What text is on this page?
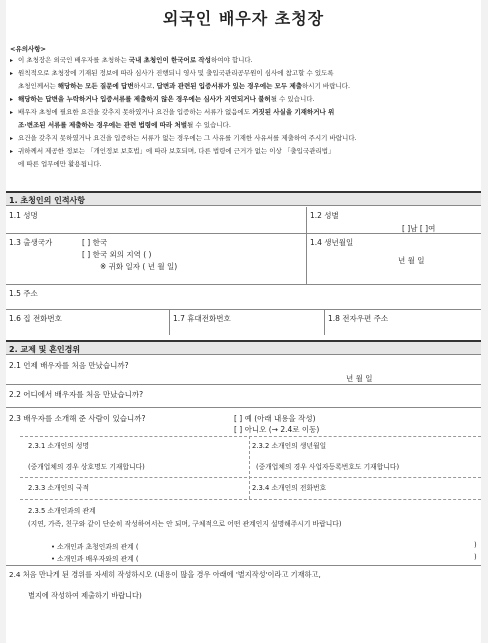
외국인 배우자 초청장
<유의사항>
▸ 이 초청장은 외국인 배우자를 초청하는 국내 초청인이 한국어로 작성하여야 합니다.
▸ 원칙적으로 초청장에 기재된 정보에 따라 심사가 진행되니 영사 및 출입국관리공무원이 심사에 참고할 수 있도록
초청인께서는 해당하는 모든 질문에 답변하시고, 답변과 관련된 입증서류가 있는 경우에는 모두 제출하시기 바랍니다.
▸ 해당하는 답변을 누락하거나 입증서류를 제출하지 않은 경우에는 심사가 지연되거나 불허될 수 있습니다.
▸ 배우자 초청에 필요한 요건을 갖추지 못하였거나 요건을 입증하는 서류가 없음에도 거짓된 사실을 기재하거나 위
조·변조된 서류를 제출하는 경우에는 관련 법령에 따라 처벌될 수 있습니다.
▸ 요건을 갖추지 못하였거나 요건을 입증하는 서류가 없는 경우에는 그 사유를 기재한 사유서를 제출하여 주시기 바랍니다.
▸ 귀하께서 제공한 정보는 「개인정보 보호법」에 따라 보호되며, 다른 법령에 근거가 없는 이상 「출입국관리법」
에 따른 업무에만 활용됩니다.
1. 초청인의 인적사항
1.1 성명	1.2 성별
[ ]남 [ ]여
1.3 출생국가	[ ] 한국
[ ] 한국 외의 지역 ( )
※ 귀화 일자 ( 년 월 일)
1.4 생년월일
년 월 일
1.5 주소
1.6 집 전화번호	1.7 휴대전화번호	1.8 전자우편 주소
2. 교제 및 혼인경위
2.1 언제 배우자를 처음 만났습니까?
년 월 일
2.2 어디에서 배우자를 처음 만났습니까?
2.3 배우자를 소개해 준 사람이 있습니까?	[ ] 예 (아래 내용을 작성)
[ ] 아니오 (→ 2.4로 이동)
2.3.1 소개인의 성명
(중개업체의 경우 상호명도 기재합니다)
2.3.2 소개인의 생년월일
(중개업체의 경우 사업자등록번호도 기재합니다)
2.3.3 소개인의 국적	2.3.4 소개인의 전화번호
2.3.5 소개인과의 관계
(지연, 가족, 친구와 같이 단순히 작성하여서는 안 되며, 구체적으로 어떤 관계인지 설명해주시기 바랍니다)
• 소개인과 초청인과의 관계 (	)
• 소개인과 배우자와의 관계 (	)
2.4 처음 만나게 된 경위를 자세히 작성하시오 (내용이 많을 경우 아래에 '별지작성'이라고 기재하고,
별지에 작성하여 제출하기 바랍니다)
